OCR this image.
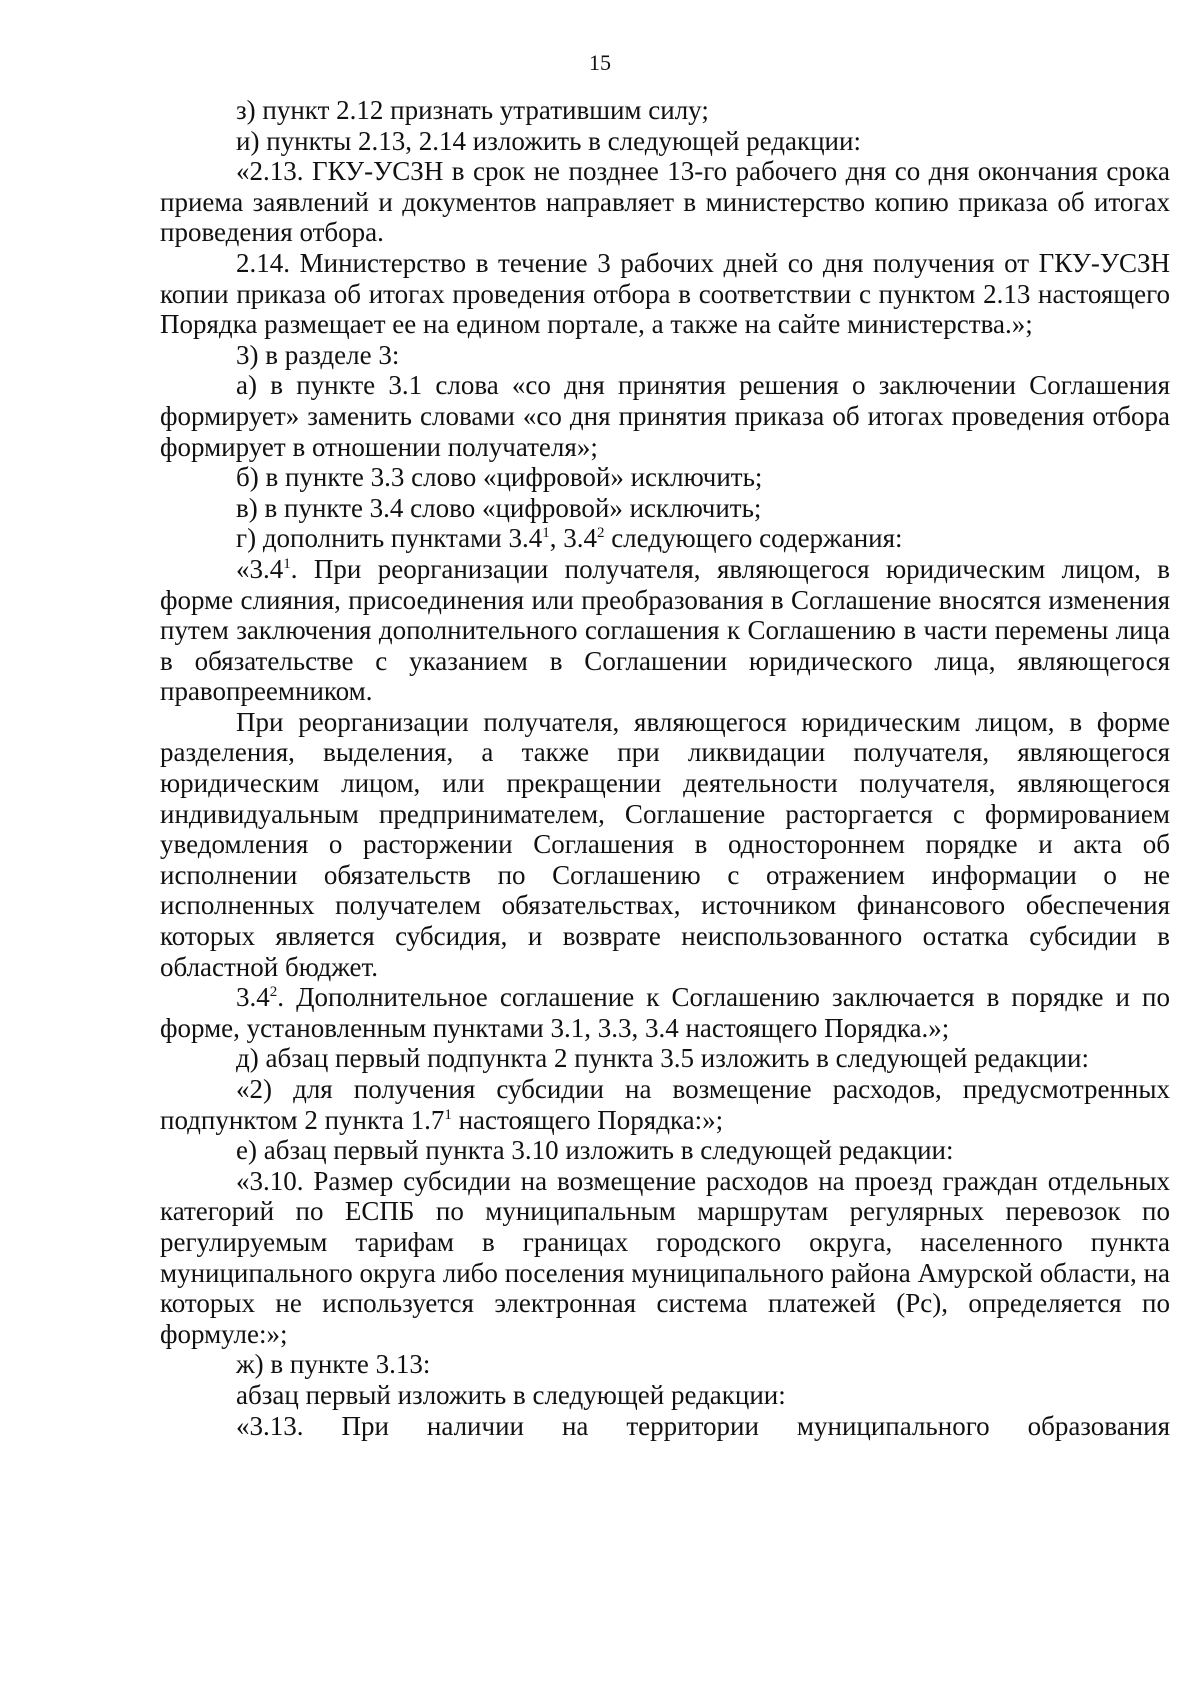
15

з) пункт 2.12 признать утратившим силу;

и) пункты 2.13, 2.14 изложить в следующей редакции:

«2.13. ГКУ-УСЗН в срок не позднее 13-го рабочего дня со дня окончания срока приема заявлений и документов направляет в министерство копию приказа об итогах проведения отбора.

2.14. Министерство в течение 3 рабочих дней со дня получения от ГКУ-УСЗН копии приказа об итогах проведения отбора в соответствии с пунктом 2.13 настоящего Порядка размещает ее на едином портале, а также на сайте министерства.»;

3) в разделе 3:

а) в пункте 3.1 слова «со дня принятия решения о заключении Соглашения формирует» заменить словами «со дня принятия приказа об итогах проведения отбора формирует в отношении получателя»;

б) в пункте 3.3 слово «цифровой» исключить;

в) в пункте 3.4 слово «цифровой» исключить;

г) дополнить пунктами $3.4^1$, $3.4^2$ следующего содержания:

«$3.4^1$. При реорганизации получателя, являющегося юридическим лицом, в форме слияния, присоединения или преобразования в Соглашение вносятся изменения путем заключения дополнительного соглашения к Соглашению в части перемены лица в обязательстве с указанием в Соглашении юридического лица, являющегося правопреемником.

При реорганизации получателя, являющегося юридическим лицом, в форме разделения, выделения, а также при ликвидации получателя, являющегося юридическим лицом, или прекращении деятельности получателя, являющегося индивидуальным предпринимателем, Соглашение расторгается с формированием уведомления о расторжении Соглашения в одностороннем порядке и акта об исполнении обязательств по Соглашению с отражением информации о не исполненных получателем обязательствах, источником финансового обеспечения которых является субсидия, и возврате неиспользованного остатка субсидии в областной бюджет.

$3.4^2$. Дополнительное соглашение к Соглашению заключается в порядке и по форме, установленным пунктами 3.1, 3.3, 3.4 настоящего Порядка.»;

д) абзац первый подпункта 2 пункта 3.5 изложить в следующей редакции:

«2) для получения субсидии на возмещение расходов, предусмотренных подпунктом 2 пункта $1.7^1$ настоящего Порядка:»;

е) абзац первый пункта 3.10 изложить в следующей редакции:

«3.10. Размер субсидии на возмещение расходов на проезд граждан отдельных категорий по ЕСПБ по муниципальным маршрутам регулярных перевозок по регулируемым тарифам в границах городского округа, населенного пункта муниципального округа либо поселения муниципального района Амурской области, на которых не используется электронная система платежей (Рс), определяется по формуле:»;

ж) в пункте 3.13:

абзац первый изложить в следующей редакции:

«3.13. При наличии на территории муниципального образования
